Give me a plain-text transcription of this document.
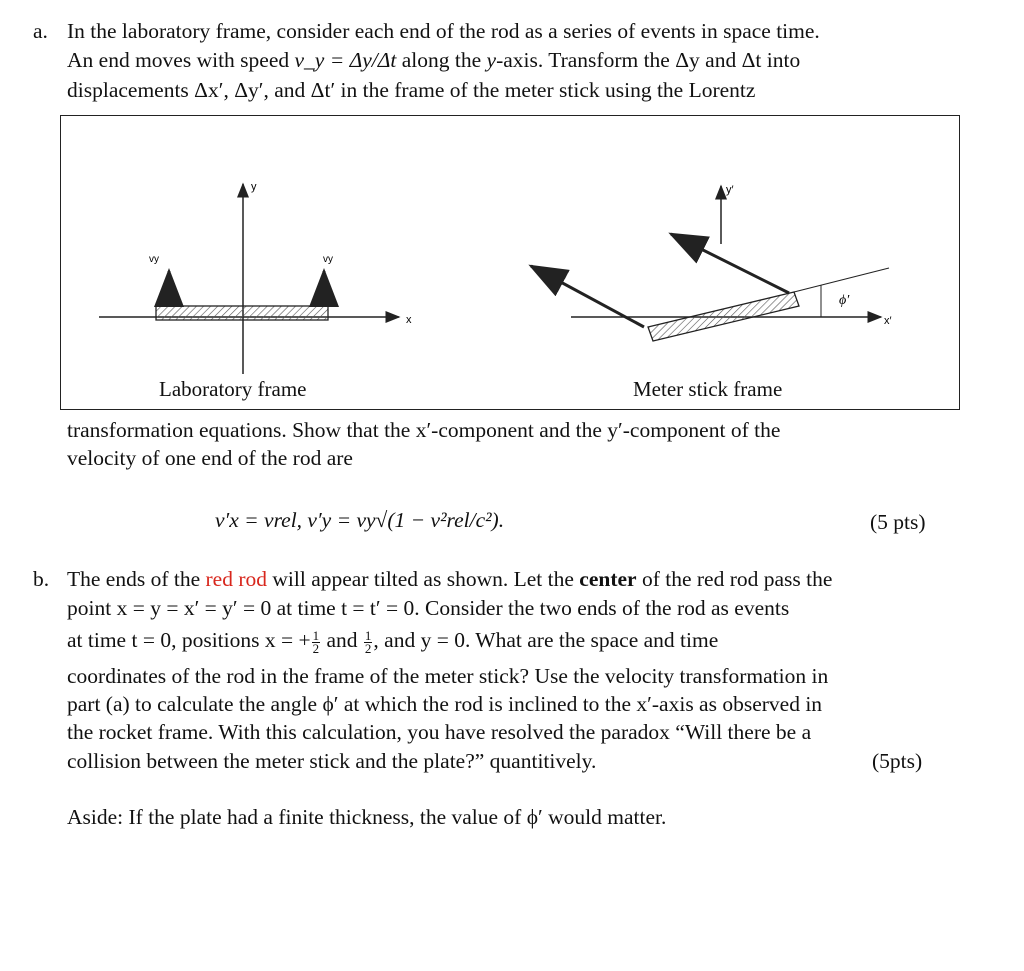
a. In the laboratory frame, consider each end of the rod as a series of events in space time.
An end moves with speed v_y = Δy/Δt along the y-axis. Transform the Δy and Δt into
displacements Δx′, Δy′, and Δt′ in the frame of the meter stick using the Lorentz
y
x
vy	vy
y′
x′
ϕ′
Laboratory frame	Meter stick frame
transformation equations. Show that the x′-component and the y′-component of the
velocity of one end of the rod are
v′x = vrel, v′y = vy√(1 − v²rel/c²).	(5 pts)
b. The ends of the red rod will appear tilted as shown. Let the center of the red rod pass the
point x = y = x′ = y′ = 0 at time t = t′ = 0. Consider the two ends of the rod as events
at time t = 0, positions x = + $\frac{1}{2}$ and $\frac{1}{2}$ , and y = 0. What are the space and time
coordinates of the rod in the frame of the meter stick? Use the velocity transformation in
part (a) to calculate the angle ϕ′ at which the rod is inclined to the x′-axis as observed in
the rocket frame. With this calculation, you have resolved the paradox “Will there be a
collision between the meter stick and the plate?” quantitively.	(5pts)
Aside: If the plate had a finite thickness, the value of ϕ′ would matter.
